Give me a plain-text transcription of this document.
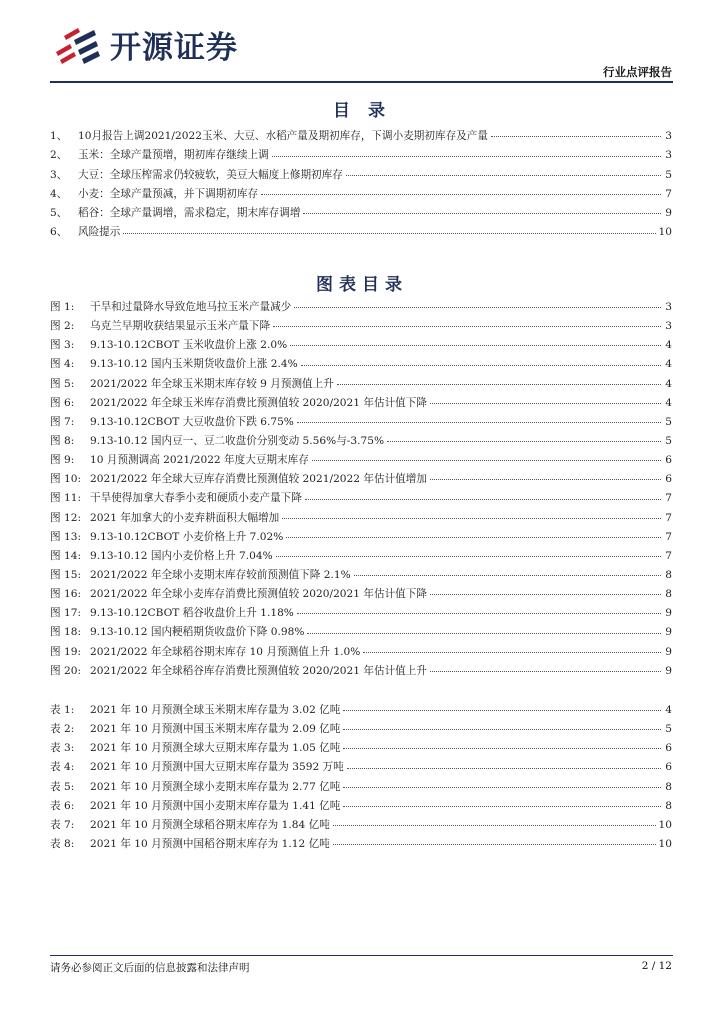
开源证券
行业点评报告
目 录
1、	10月报告上调2021/2022玉米、大豆、水稻产量及期初库存，下调小麦期初库存及产量	3
2、	玉米：全球产量预增，期初库存继续上调	3
3、	大豆：全球压榨需求仍较疲软，美豆大幅度上修期初库存	5
4、	小麦：全球产量预减，并下调期初库存	7
5、	稻谷：全球产量调增，需求稳定，期末库存调增	9
6、	风险提示	10
图表目录
图 1:	干旱和过量降水导致危地马拉玉米产量减少	3
图 2:	乌克兰早期收获结果显示玉米产量下降	3
图 3:	9.13-10.12CBOT 玉米收盘价上涨 2.0%	4
图 4:	9.13-10.12 国内玉米期货收盘价上涨 2.4%	4
图 5:	2021/2022 年全球玉米期末库存较 9 月预测值上升	4
图 6:	2021/2022 年全球玉米库存消费比预测值较 2020/2021 年估计值下降	4
图 7:	9.13-10.12CBOT 大豆收盘价下跌 6.75%	5
图 8:	9.13-10.12 国内豆一、豆二收盘价分别变动 5.56%与-3.75%	5
图 9:	10 月预测调高 2021/2022 年度大豆期末库存	6
图 10: 2021/2022 年全球大豆库存消费比预测值较 2021/2022 年估计值增加	6
图 11: 干旱使得加拿大春季小麦和硬质小麦产量下降	7
图 12: 2021 年加拿大的小麦弃耕面积大幅增加	7
图 13: 9.13-10.12CBOT 小麦价格上升 7.02%	7
图 14: 9.13-10.12 国内小麦价格上升 7.04%	7
图 15: 2021/2022 年全球小麦期末库存较前预测值下降 2.1%	8
图 16: 2021/2022 年全球小麦库存消费比预测值较 2020/2021 年估计值下降	8
图 17: 9.13-10.12CBOT 稻谷收盘价上升 1.18%	9
图 18: 9.13-10.12 国内粳稻期货收盘价下降 0.98%	9
图 19: 2021/2022 年全球稻谷期末库存 10 月预测值上升 1.0%	9
图 20: 2021/2022 年全球稻谷库存消费比预测值较 2020/2021 年估计值上升	9
表 1:	2021 年 10 月预测全球玉米期末库存量为 3.02 亿吨	4
表 2:	2021 年 10 月预测中国玉米期末库存量为 2.09 亿吨	5
表 3:	2021 年 10 月预测全球大豆期末库存量为 1.05 亿吨	6
表 4:	2021 年 10 月预测中国大豆期末库存量为 3592 万吨	6
表 5:	2021 年 10 月预测全球小麦期末库存量为 2.77 亿吨	8
表 6:	2021 年 10 月预测中国小麦期末库存量为 1.41 亿吨	8
表 7:	2021 年 10 月预测全球稻谷期末库存为 1.84 亿吨	10
表 8:	2021 年 10 月预测中国稻谷期末库存为 1.12 亿吨	10
请务必参阅正文后面的信息披露和法律声明	2 / 12
